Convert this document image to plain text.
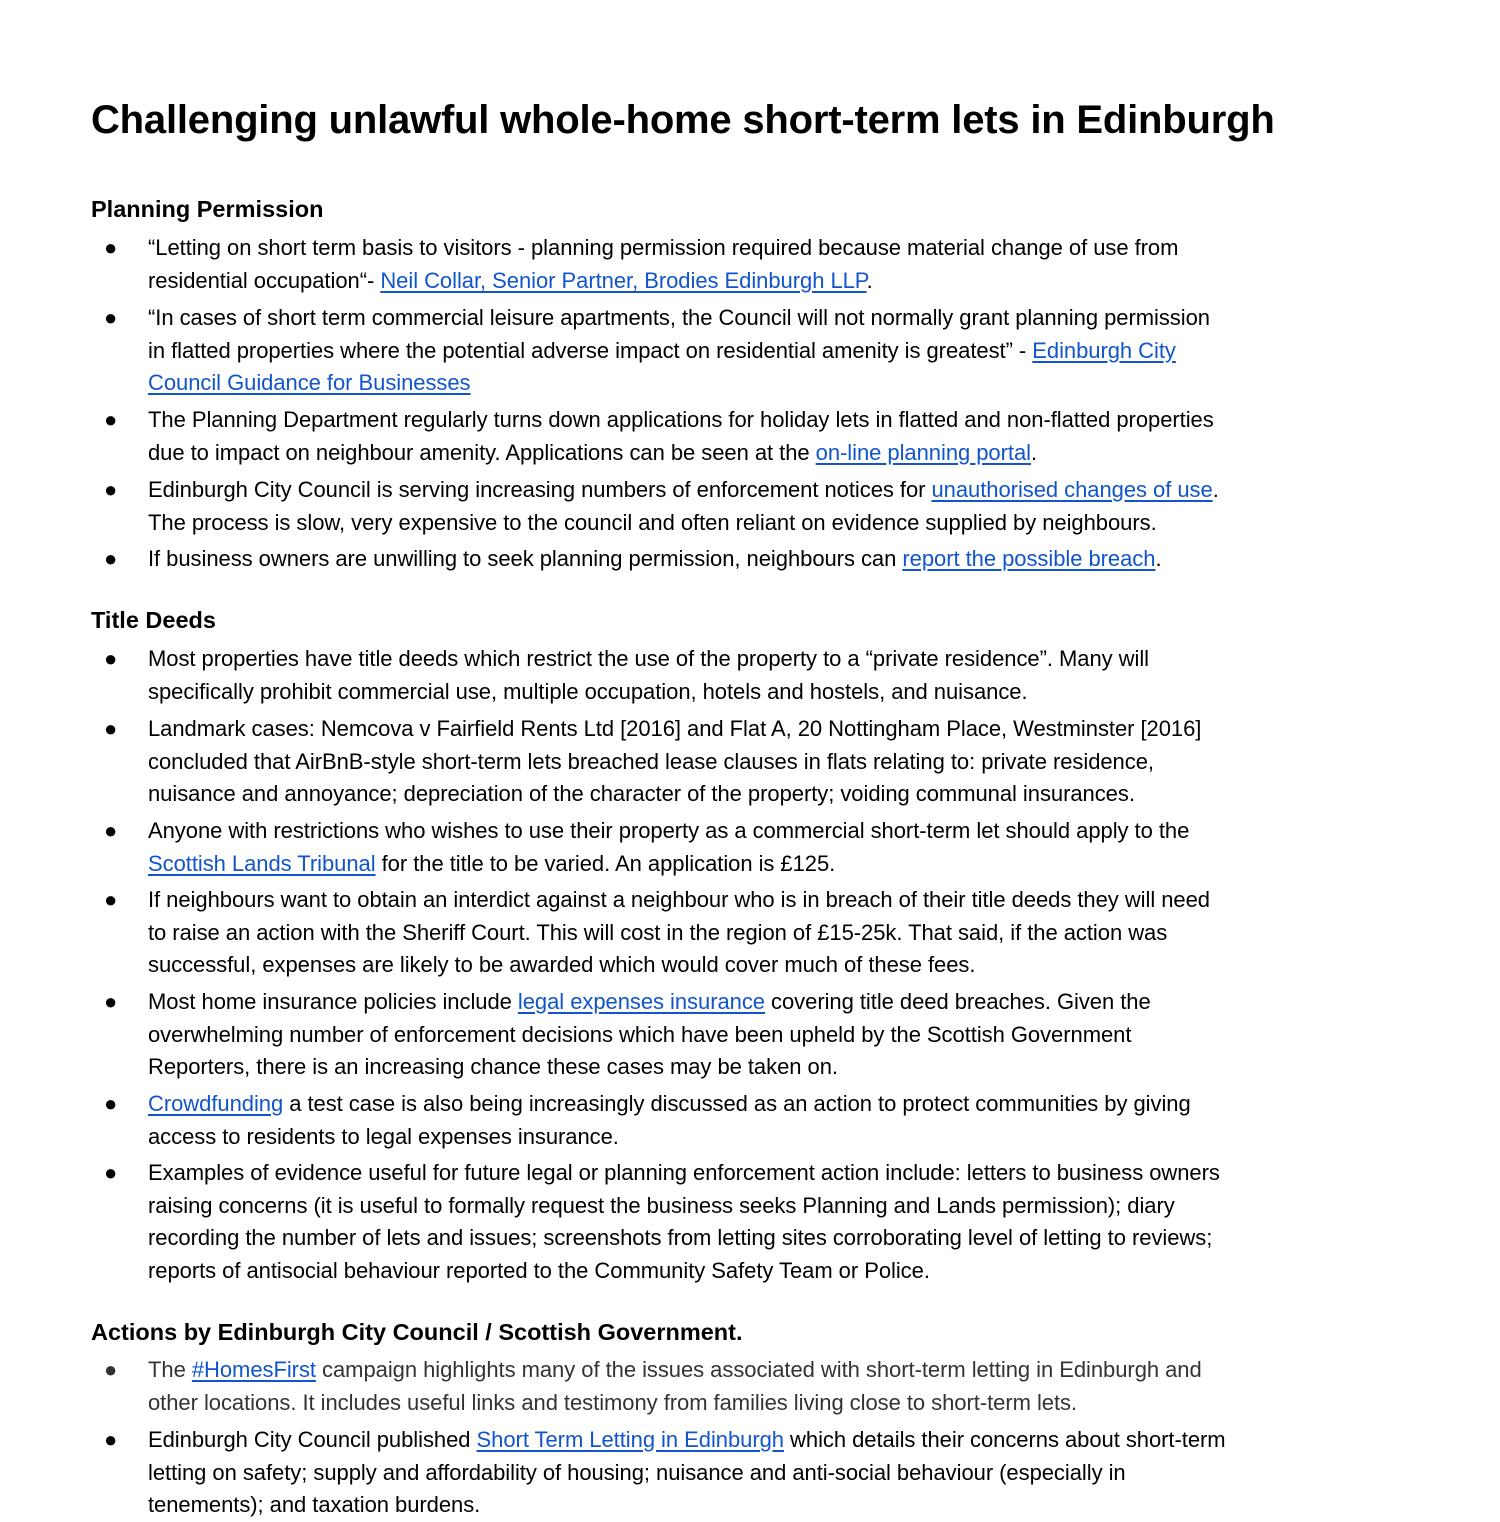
Challenging unlawful whole-home short-term lets in Edinburgh
Planning Permission
●	“Letting on short term basis to visitors - planning permission required because material change of use from
residential occupation“- Neil Collar, Senior Partner, Brodies Edinburgh LLP.
●	“In cases of short term commercial leisure apartments, the Council will not normally grant planning permission
in flatted properties where the potential adverse impact on residential amenity is greatest” - Edinburgh City
Council Guidance for Businesses
●	The Planning Department regularly turns down applications for holiday lets in flatted and non-flatted properties
due to impact on neighbour amenity. Applications can be seen at the on-line planning portal.
●	Edinburgh City Council is serving increasing numbers of enforcement notices for unauthorised changes of use.
The process is slow, very expensive to the council and often reliant on evidence supplied by neighbours.
●	If business owners are unwilling to seek planning permission, neighbours can report the possible breach.
Title Deeds
●	Most properties have title deeds which restrict the use of the property to a “private residence”. Many will
specifically prohibit commercial use, multiple occupation, hotels and hostels, and nuisance.
●	Landmark cases: Nemcova v Fairfield Rents Ltd [2016] and Flat A, 20 Nottingham Place, Westminster [2016]
concluded that AirBnB-style short-term lets breached lease clauses in flats relating to: private residence,
nuisance and annoyance; depreciation of the character of the property; voiding communal insurances.
●	Anyone with restrictions who wishes to use their property as a commercial short-term let should apply to the
Scottish Lands Tribunal for the title to be varied. An application is £125.
●	If neighbours want to obtain an interdict against a neighbour who is in breach of their title deeds they will need
to raise an action with the Sheriff Court. This will cost in the region of £15-25k. That said, if the action was
successful, expenses are likely to be awarded which would cover much of these fees.
●	Most home insurance policies include legal expenses insurance covering title deed breaches. Given the
overwhelming number of enforcement decisions which have been upheld by the Scottish Government
Reporters, there is an increasing chance these cases may be taken on.
●	Crowdfunding a test case is also being increasingly discussed as an action to protect communities by giving
access to residents to legal expenses insurance.
●	Examples of evidence useful for future legal or planning enforcement action include: letters to business owners
raising concerns (it is useful to formally request the business seeks Planning and Lands permission); diary
recording the number of lets and issues; screenshots from letting sites corroborating level of letting to reviews;
reports of antisocial behaviour reported to the Community Safety Team or Police.
Actions by Edinburgh City Council / Scottish Government.
●	The #HomesFirst campaign highlights many of the issues associated with short-term letting in Edinburgh and
other locations. It includes useful links and testimony from families living close to short-term lets.
●	Edinburgh City Council published Short Term Letting in Edinburgh which details their concerns about short-term
letting on safety; supply and affordability of housing; nuisance and anti-social behaviour (especially in
tenements); and taxation burdens.
